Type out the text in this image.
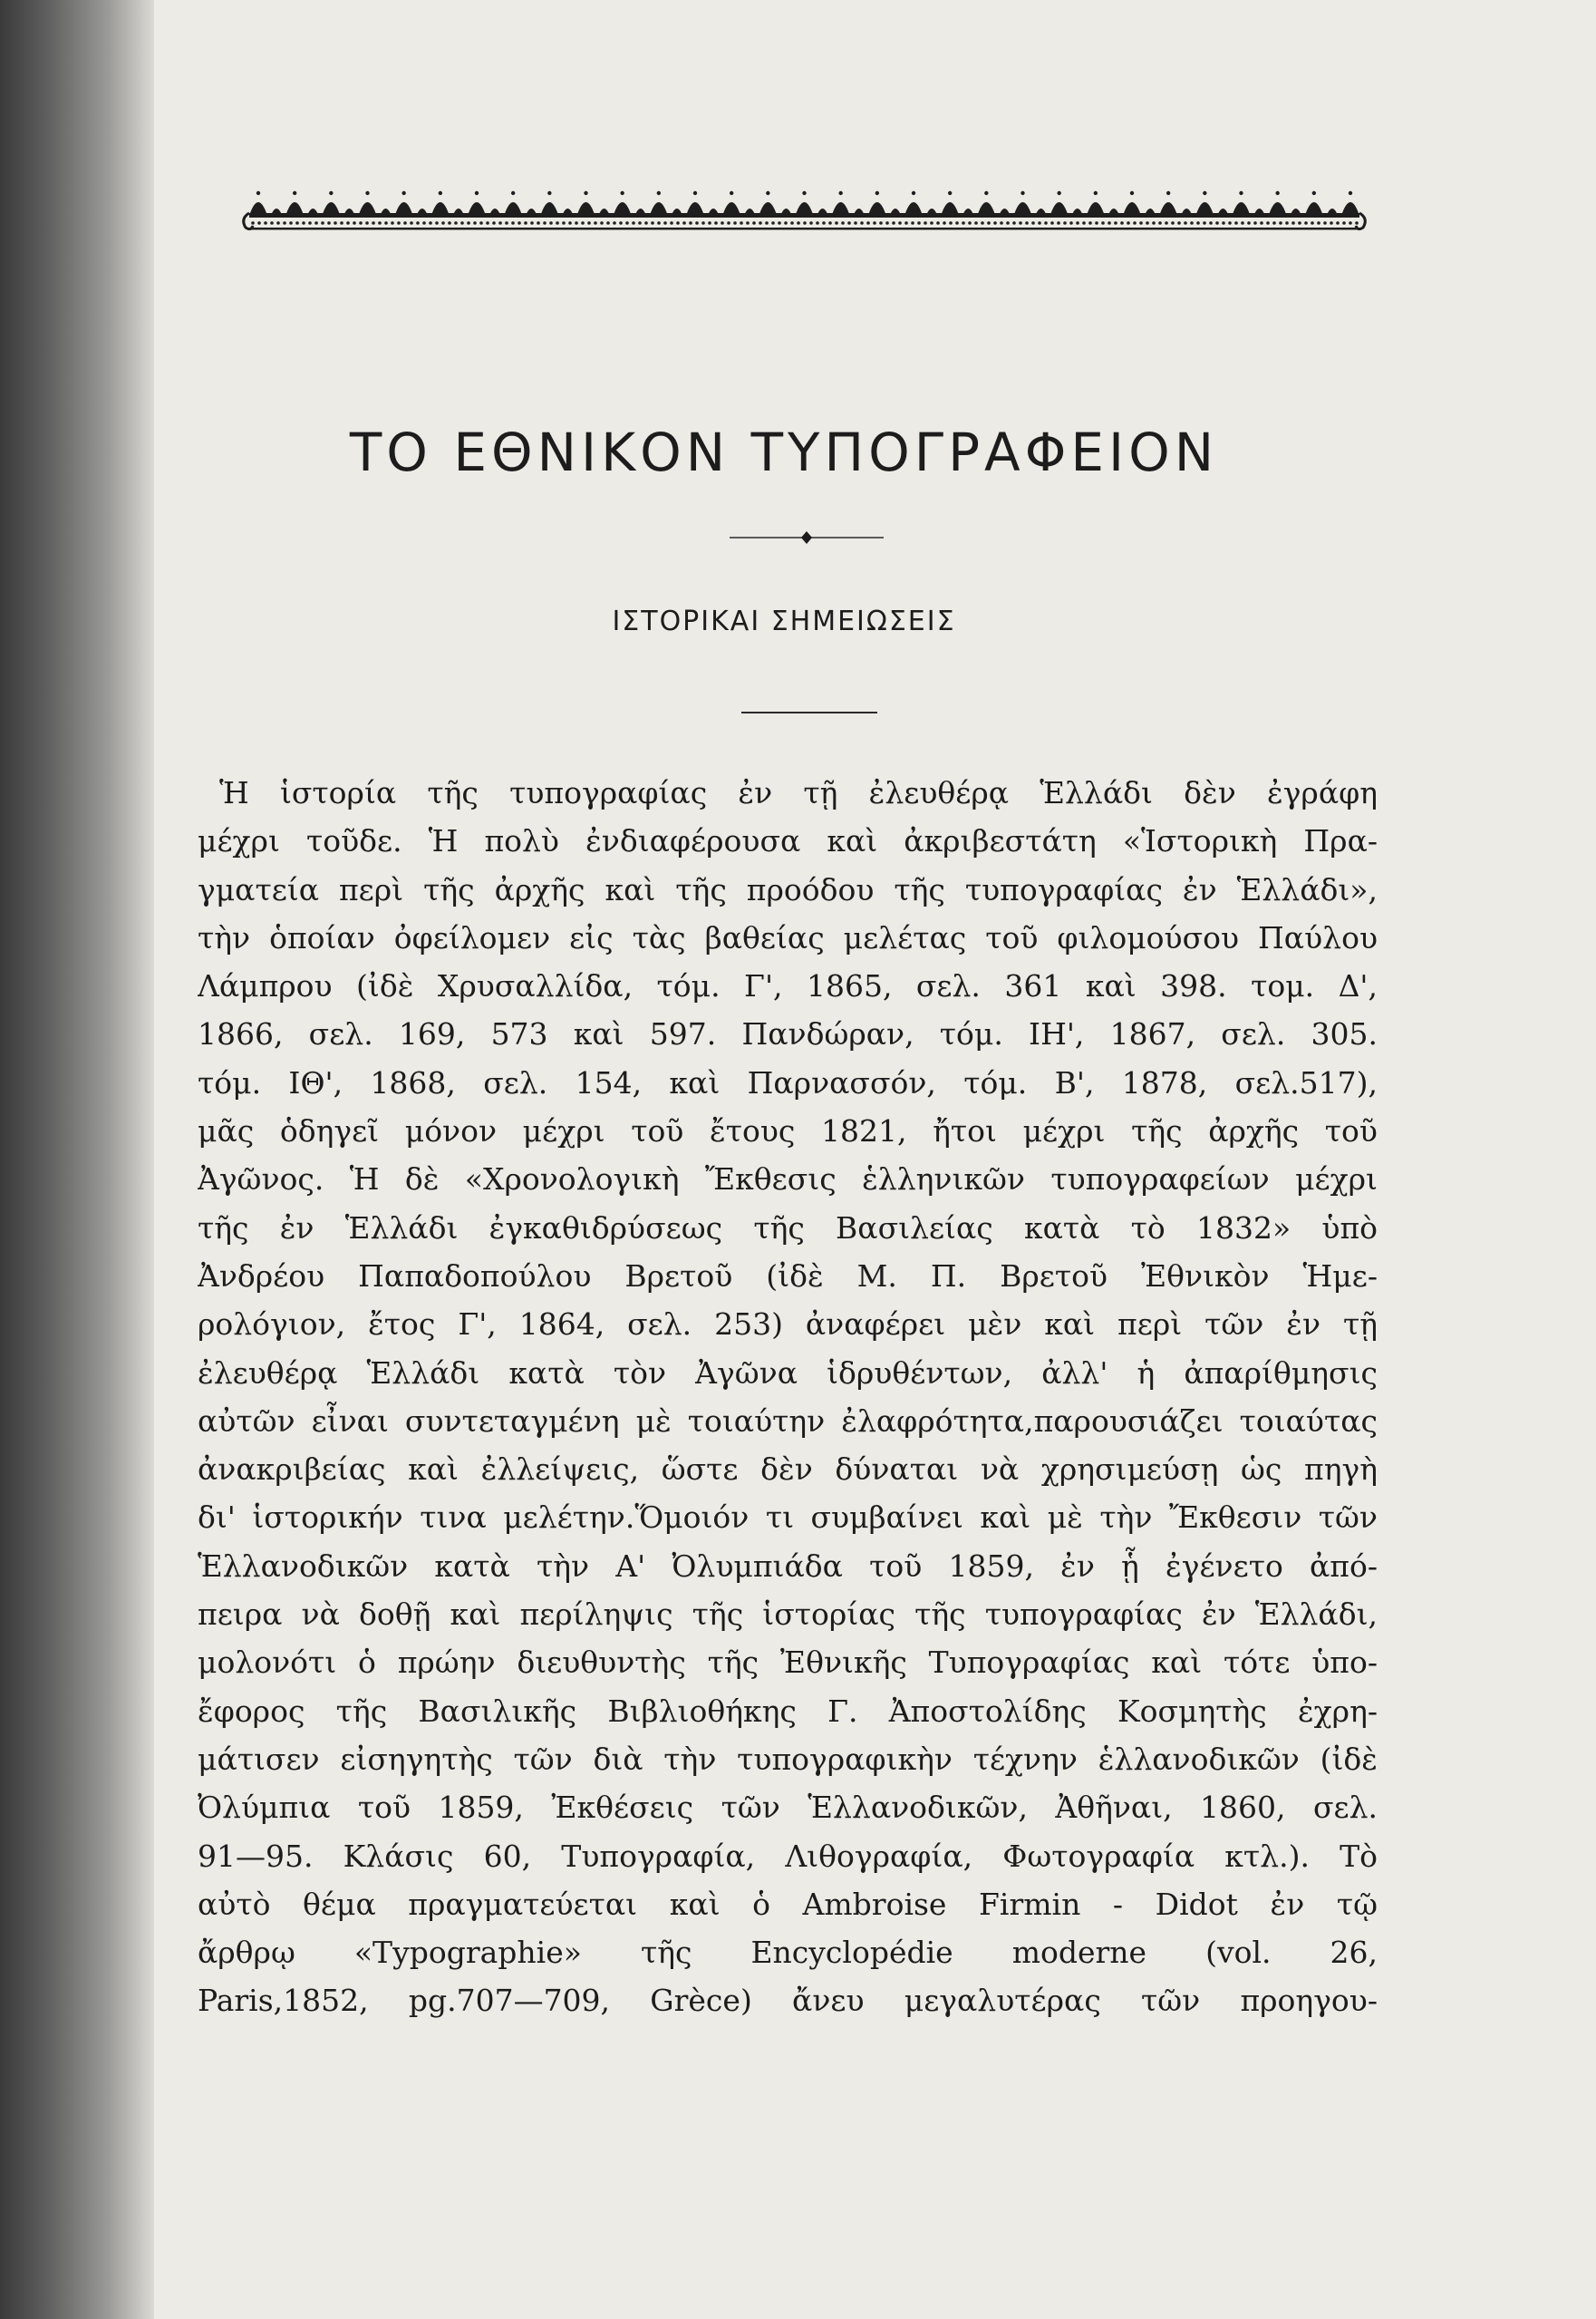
ΤΟ ΕΘΝΙΚΟΝ ΤΥΠΟΓΡΑΦΕΙΟΝ
ΙΣΤΟΡΙΚΑΙ ΣΗΜΕΙΩΣΕΙΣ
Ἡ ἱστορία τῆς τυπογραφίας ἐν τῇ ἐλευθέρᾳ Ἑλλάδι δὲν ἐγράφη
μέχρι τοῦδε. Ἡ πολὺ ἐνδιαφέρουσα καὶ ἀκριβεστάτη «Ἱστορικὴ Πρα-
γματεία περὶ τῆς ἀρχῆς καὶ τῆς προόδου τῆς τυπογραφίας ἐν Ἑλλάδι»,
τὴν ὁποίαν ὀφείλομεν εἰς τὰς βαθείας μελέτας τοῦ φιλομούσου Παύλου
Λάμπρου (ἰδὲ Χρυσαλλίδα, τόμ. Γ', 1865, σελ. 361 καὶ 398. τομ. Δ',
1866, σελ. 169, 573 καὶ 597. Πανδώραν, τόμ. ΙΗ', 1867, σελ. 305.
τόμ. ΙΘ', 1868, σελ. 154, καὶ Παρνασσόν, τόμ. Β', 1878, σελ.517),
μᾶς ὁδηγεῖ μόνον μέχρι τοῦ ἔτους 1821, ἤτοι μέχρι τῆς ἀρχῆς τοῦ
Ἀγῶνος. Ἡ δὲ «Χρονολογικὴ Ἔκθεσις ἑλληνικῶν τυπογραφείων μέχρι
τῆς ἐν Ἑλλάδι ἐγκαθιδρύσεως τῆς Βασιλείας κατὰ τὸ 1832» ὑπὸ
Ἀνδρέου Παπαδοπούλου Βρετοῦ (ἰδὲ Μ. Π. Βρετοῦ Ἐθνικὸν Ἡμε-
ρολόγιον, ἔτος Γ', 1864, σελ. 253) ἀναφέρει μὲν καὶ περὶ τῶν ἐν τῇ
ἐλευθέρᾳ Ἑλλάδι κατὰ τὸν Ἀγῶνα ἱδρυθέντων, ἀλλ' ἡ ἀπαρίθμησις
αὐτῶν εἶναι συντεταγμένη μὲ τοιαύτην ἐλαφρότητα,παρουσιάζει τοιαύτας
ἀνακριβείας καὶ ἐλλείψεις, ὥστε δὲν δύναται νὰ χρησιμεύσῃ ὡς πηγὴ
δι' ἱστορικήν τινα μελέτην.Ὅμοιόν τι συμβαίνει καὶ μὲ τὴν Ἔκθεσιν τῶν
Ἑλλανοδικῶν κατὰ τὴν Α' Ὀλυμπιάδα τοῦ 1859, ἐν ᾗ ἐγένετο ἀπό-
πειρα νὰ δοθῇ καὶ περίληψις τῆς ἱστορίας τῆς τυπογραφίας ἐν Ἑλλάδι,
μολονότι ὁ πρώην διευθυντὴς τῆς Ἐθνικῆς Τυπογραφίας καὶ τότε ὑπο-
ἔφορος τῆς Βασιλικῆς Βιβλιοθήκης Γ. Ἀποστολίδης Κοσμητὴς ἐχρη-
μάτισεν εἰσηγητὴς τῶν διὰ τὴν τυπογραφικὴν τέχνην ἑλλανοδικῶν (ἰδὲ
Ὀλύμπια τοῦ 1859, Ἐκθέσεις τῶν Ἑλλανοδικῶν, Ἀθῆναι, 1860, σελ.
91—95. Κλάσις 60, Τυπογραφία, Λιθογραφία, Φωτογραφία κτλ.). Τὸ
αὐτὸ θέμα πραγματεύεται καὶ ὁ Ambroise Firmin - Didot ἐν τῷ
ἄρθρῳ «Typographie» τῆς Encyclopédie moderne (vol. 26,
Paris,1852, pg.707—709, Grèce) ἄνευ μεγαλυτέρας τῶν προηγου-
